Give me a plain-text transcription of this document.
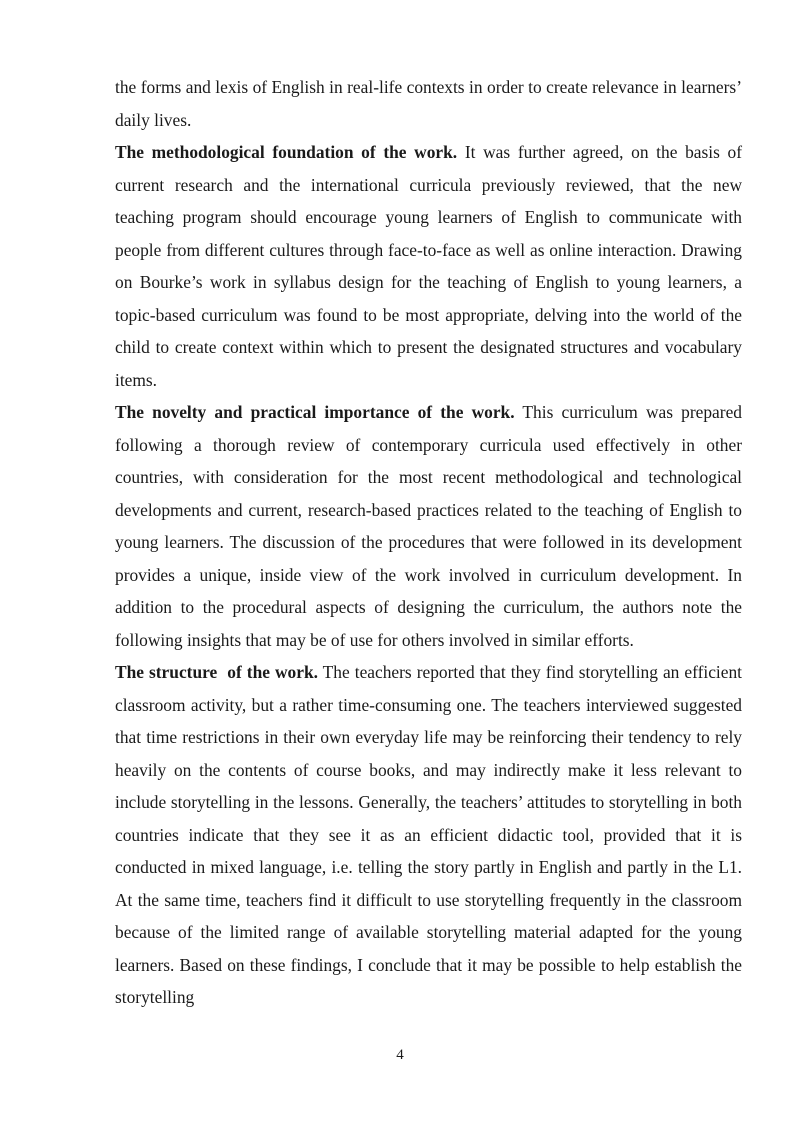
the forms and lexis of English in real-life contexts in order to create relevance in learners’ daily lives.

The methodological foundation of the work. It was further agreed, on the basis of current research and the international curricula previously reviewed, that the new teaching program should encourage young learners of English to communicate with people from different cultures through face-to-face as well as online interaction. Drawing on Bourke’s work in syllabus design for the teaching of English to young learners, a topic-based curriculum was found to be most appropriate, delving into the world of the child to create context within which to present the designated structures and vocabulary items.

The novelty and practical importance of the work. This curriculum was prepared following a thorough review of contemporary curricula used effectively in other countries, with consideration for the most recent methodological and technological developments and current, research-based practices related to the teaching of English to young learners. The discussion of the procedures that were followed in its development provides a unique, inside view of the work involved in curriculum development. In addition to the procedural aspects of designing the curriculum, the authors note the following insights that may be of use for others involved in similar efforts.

The structure  of the work. The teachers reported that they find storytelling an efficient classroom activity, but a rather time-consuming one. The teachers interviewed suggested that time restrictions in their own everyday life may be reinforcing their tendency to rely heavily on the contents of course books, and may indirectly make it less relevant to include storytelling in the lessons. Generally, the teachers’ attitudes to storytelling in both countries indicate that they see it as an efficient didactic tool, provided that it is conducted in mixed language, i.e. telling the story partly in English and partly in the L1. At the same time, teachers find it difficult to use storytelling frequently in the classroom because of the limited range of available storytelling material adapted for the young learners. Based on these findings, I conclude that it may be possible to help establish the storytelling

4
